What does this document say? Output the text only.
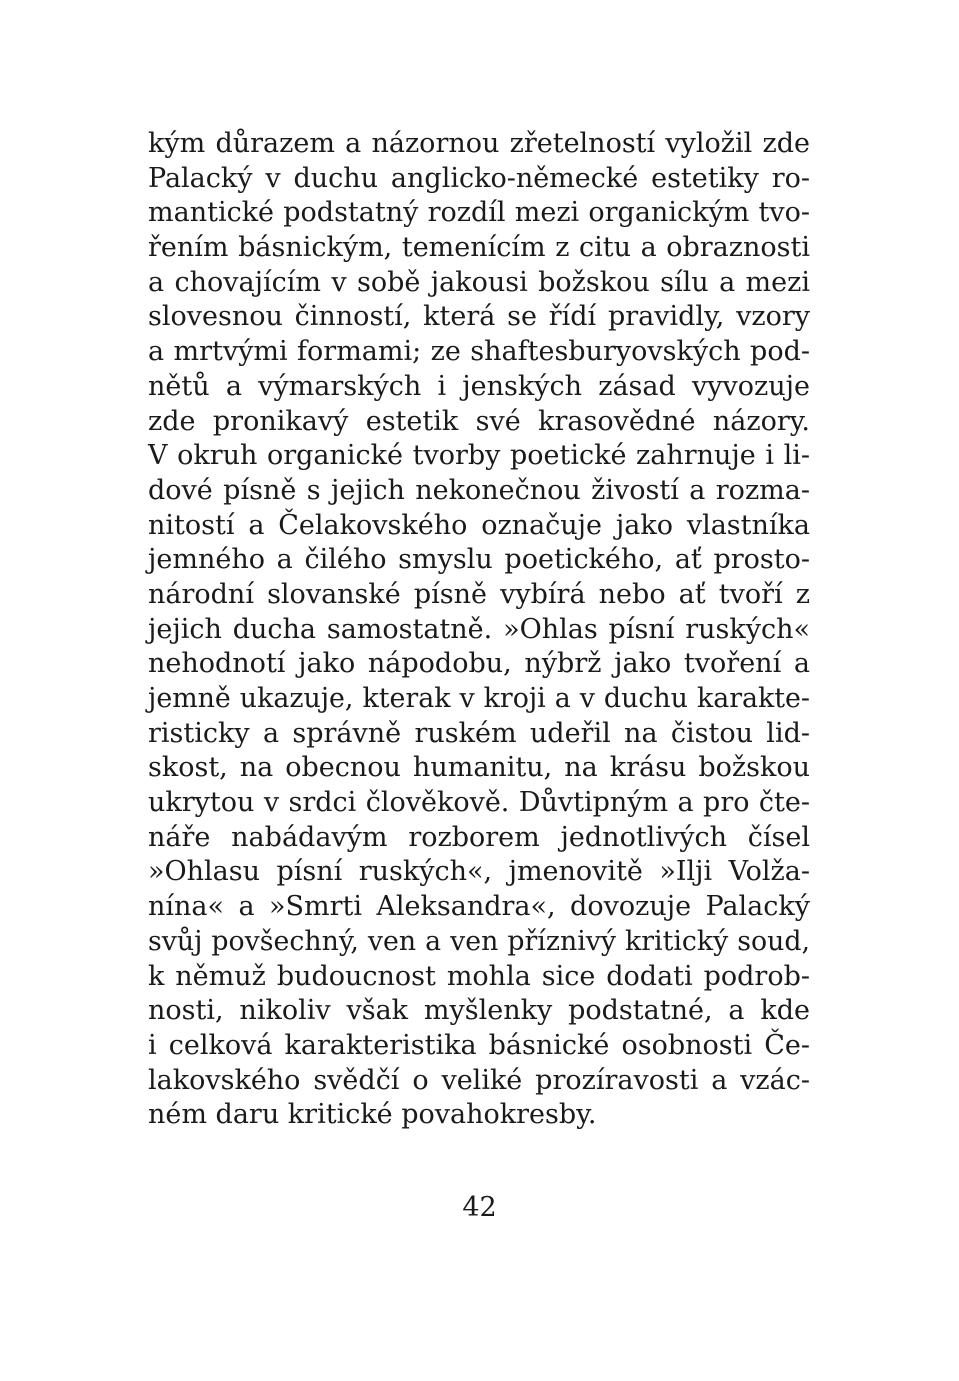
kým důrazem a názornou zřetelností vyložil zde
Palacký v duchu anglicko-německé estetiky ro-
mantické podstatný rozdíl mezi organickým tvo-
řením básnickým, temenícím z citu a obraznosti
a chovajícím v sobě jakousi božskou sílu a mezi
slovesnou činností, která se řídí pravidly, vzory
a mrtvými formami; ze shaftesburyovských pod-
nětů a výmarských i jenských zásad vyvozuje
zde pronikavý estetik své krasovědné názory.
V okruh organické tvorby poetické zahrnuje i li-
dové písně s jejich nekonečnou živostí a rozma-
nitostí a Čelakovského označuje jako vlastníka
jemného a čilého smyslu poetického, ať prosto-
národní slovanské písně vybírá nebo ať tvoří z
jejich ducha samostatně. »Ohlas písní ruských«
nehodnotí jako nápodobu, nýbrž jako tvoření a
jemně ukazuje, kterak v kroji a v duchu karakte-
risticky a správně ruském udeřil na čistou lid-
skost, na obecnou humanitu, na krásu božskou
ukrytou v srdci člověkově. Důvtipným a pro čte-
náře nabádavým rozborem jednotlivých čísel
»Ohlasu písní ruských«, jmenovitě »Ilji Volža-
nína« a »Smrti Aleksandra«, dovozuje Palacký
svůj povšechný, ven a ven příznivý kritický soud,
k němuž budoucnost mohla sice dodati podrob-
nosti, nikoliv však myšlenky podstatné, a kde
i celková karakteristika básnické osobnosti Če-
lakovského svědčí o veliké prozíravosti a vzác-
ném daru kritické povahokresby.
42
